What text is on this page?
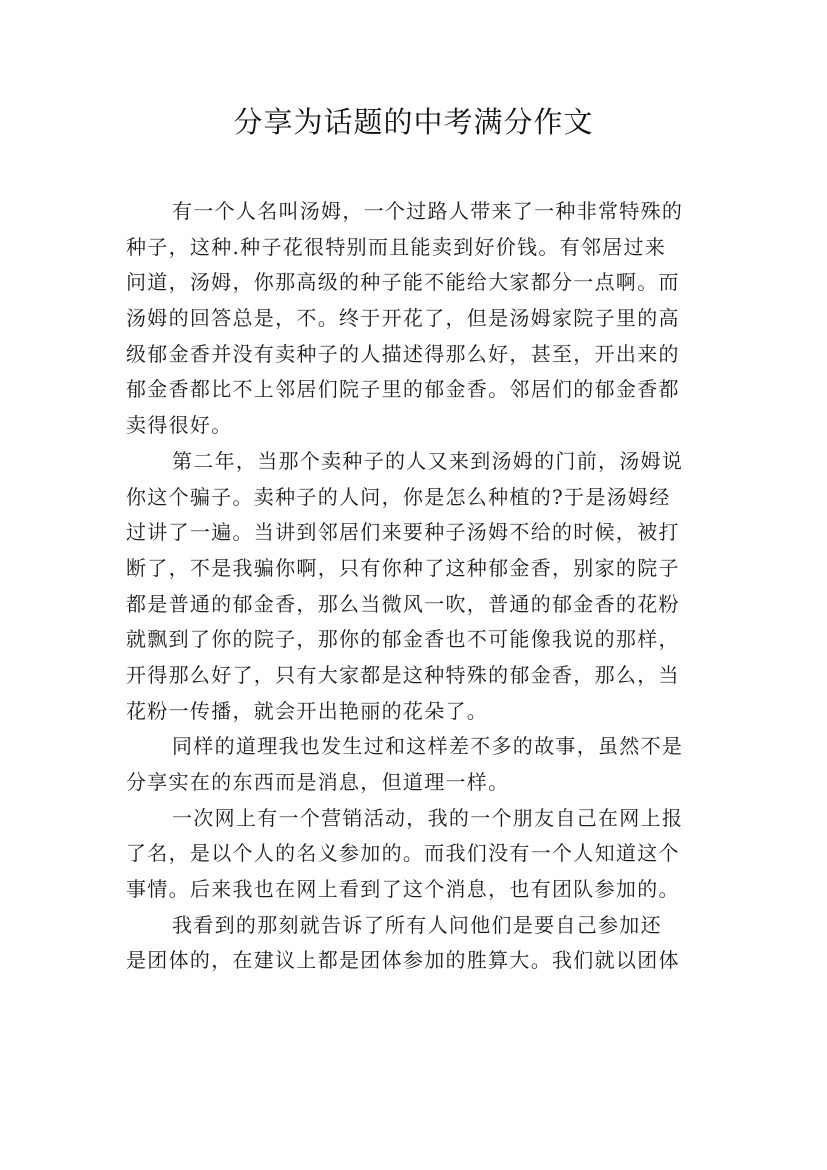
分享为话题的中考满分作文
有一个人名叫汤姆，一个过路人带来了一种非常特殊的
种子，这种.种子花很特别而且能卖到好价钱。有邻居过来
问道，汤姆，你那高级的种子能不能给大家都分一点啊。而
汤姆的回答总是，不。终于开花了，但是汤姆家院子里的高
级郁金香并没有卖种子的人描述得那么好，甚至，开出来的
郁金香都比不上邻居们院子里的郁金香。邻居们的郁金香都
卖得很好。
第二年，当那个卖种子的人又来到汤姆的门前，汤姆说
你这个骗子。卖种子的人问，你是怎么种植的?于是汤姆经
过讲了一遍。当讲到邻居们来要种子汤姆不给的时候，被打
断了，不是我骗你啊，只有你种了这种郁金香，别家的院子
都是普通的郁金香，那么当微风一吹，普通的郁金香的花粉
就飘到了你的院子，那你的郁金香也不可能像我说的那样，
开得那么好了，只有大家都是这种特殊的郁金香，那么，当
花粉一传播，就会开出艳丽的花朵了。
同样的道理我也发生过和这样差不多的故事，虽然不是
分享实在的东西而是消息，但道理一样。
一次网上有一个营销活动，我的一个朋友自己在网上报
了名，是以个人的名义参加的。而我们没有一个人知道这个
事情。后来我也在网上看到了这个消息，也有团队参加的。
我看到的那刻就告诉了所有人问他们是要自己参加还
是团体的，在建议上都是团体参加的胜算大。我们就以团体
